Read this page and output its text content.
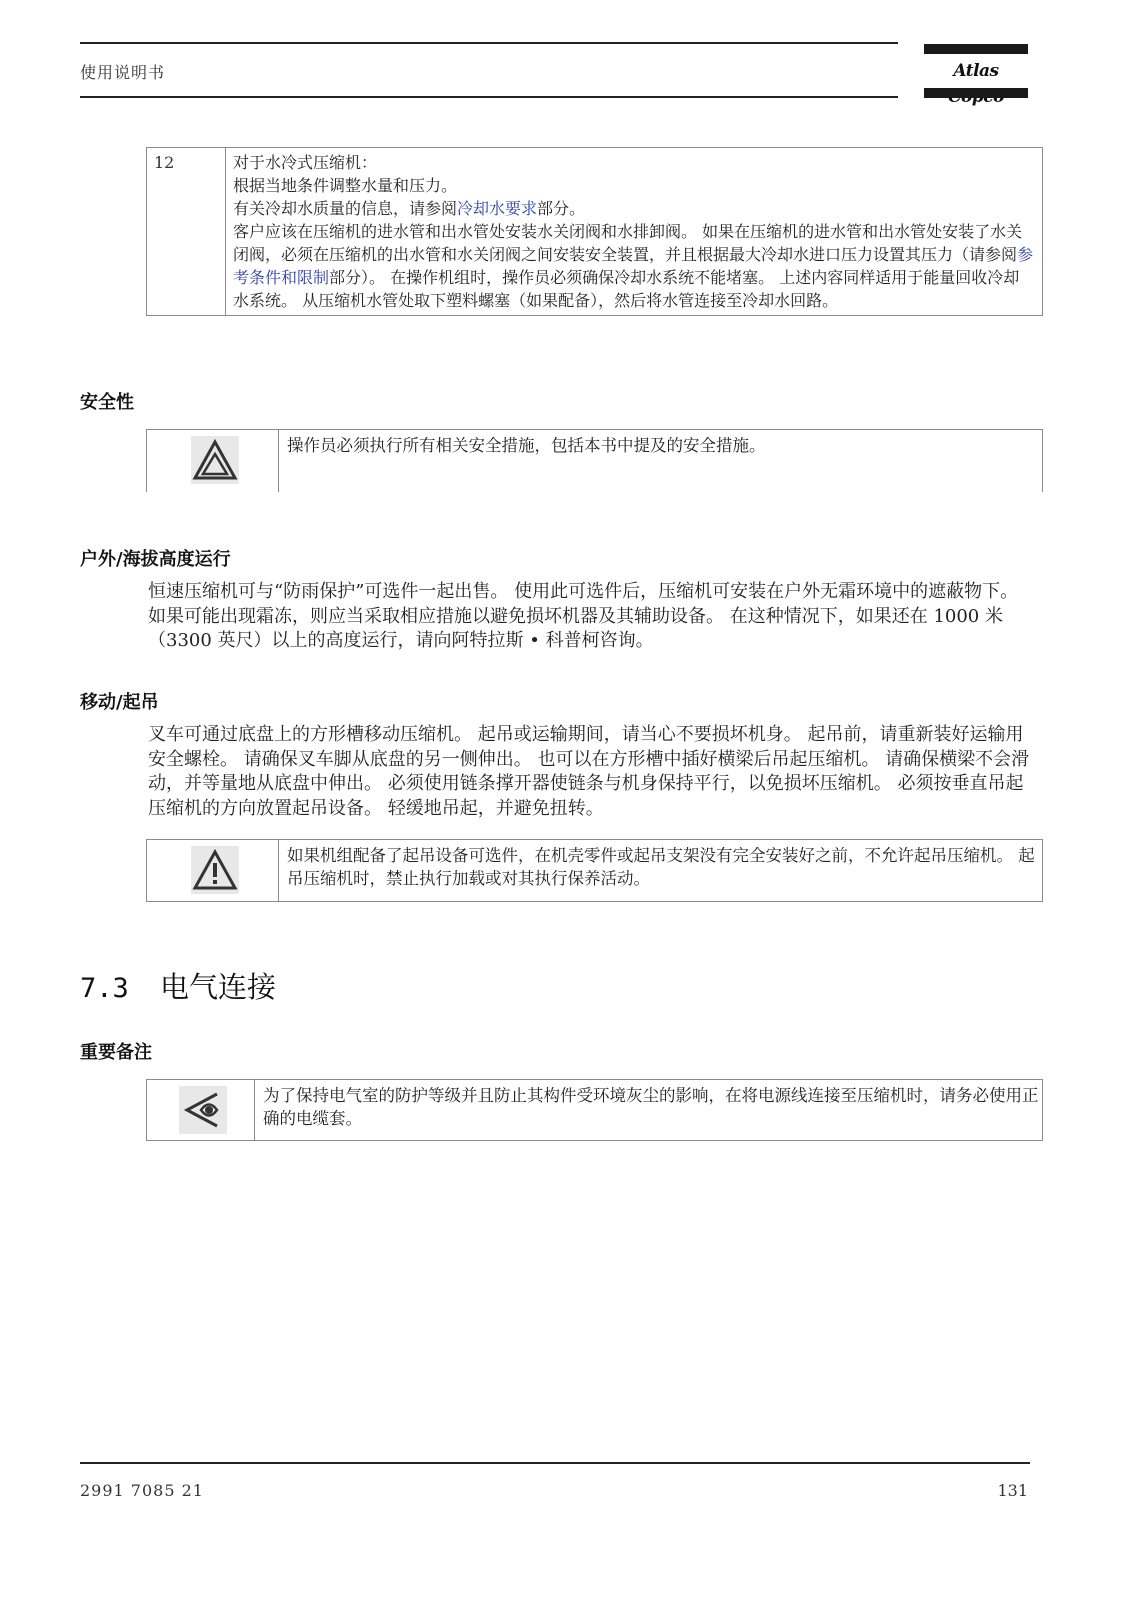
使用说明书	Atlas
12	对于水冷式压缩机：
根据当地条件调整水量和压力。
有关冷却水质量的信息，请参阅冷却水要求部分。
客户应该在压缩机的进水管和出水管处安装水关闭阀和水排卸阀。 如果在压缩机的进水管和出水管处安装了水关闭阀，必须在压缩机的出水管和水关闭阀之间安装安全装置，并且根据最大冷却水进口压力设置其压力（请参阅参考条件和限制部分）。 在操作机组时，操作员必须确保冷却水系统不能堵塞。 上述内容同样适用于能量回收冷却水系统。 从压缩机水管处取下塑料螺塞（如果配备），然后将水管连接至冷却水回路。
安全性
操作员必须执行所有相关安全措施，包括本书中提及的安全措施。
户外/海拔高度运行
恒速压缩机可与“防雨保护”可选件一起出售。 使用此可选件后，压缩机可安装在户外无霜环境中的遮蔽物下。 如果可能出现霜冻，则应当采取相应措施以避免损坏机器及其辅助设备。 在这种情况下，如果还在 1000 米（3300 英尺）以上的高度运行，请向阿特拉斯 • 科普柯咨询。
移动/起吊
叉车可通过底盘上的方形槽移动压缩机。 起吊或运输期间，请当心不要损坏机身。 起吊前，请重新装好运输用安全螺栓。 请确保叉车脚从底盘的另一侧伸出。 也可以在方形槽中插好横梁后吊起压缩机。 请确保横梁不会滑动，并等量地从底盘中伸出。 必须使用链条撑开器使链条与机身保持平行，以免损坏压缩机。 必须按垂直吊起压缩机的方向放置起吊设备。 轻缓地吊起，并避免扭转。
如果机组配备了起吊设备可选件，在机壳零件或起吊支架没有完全安装好之前，不允许起吊压缩机。 起吊压缩机时，禁止执行加载或对其执行保养活动。
7.3 电气连接
重要备注
为了保持电气室的防护等级并且防止其构件受环境灰尘的影响，在将电源线连接至压缩机时，请务必使用正确的电缆套。
2991 7085 21	131
